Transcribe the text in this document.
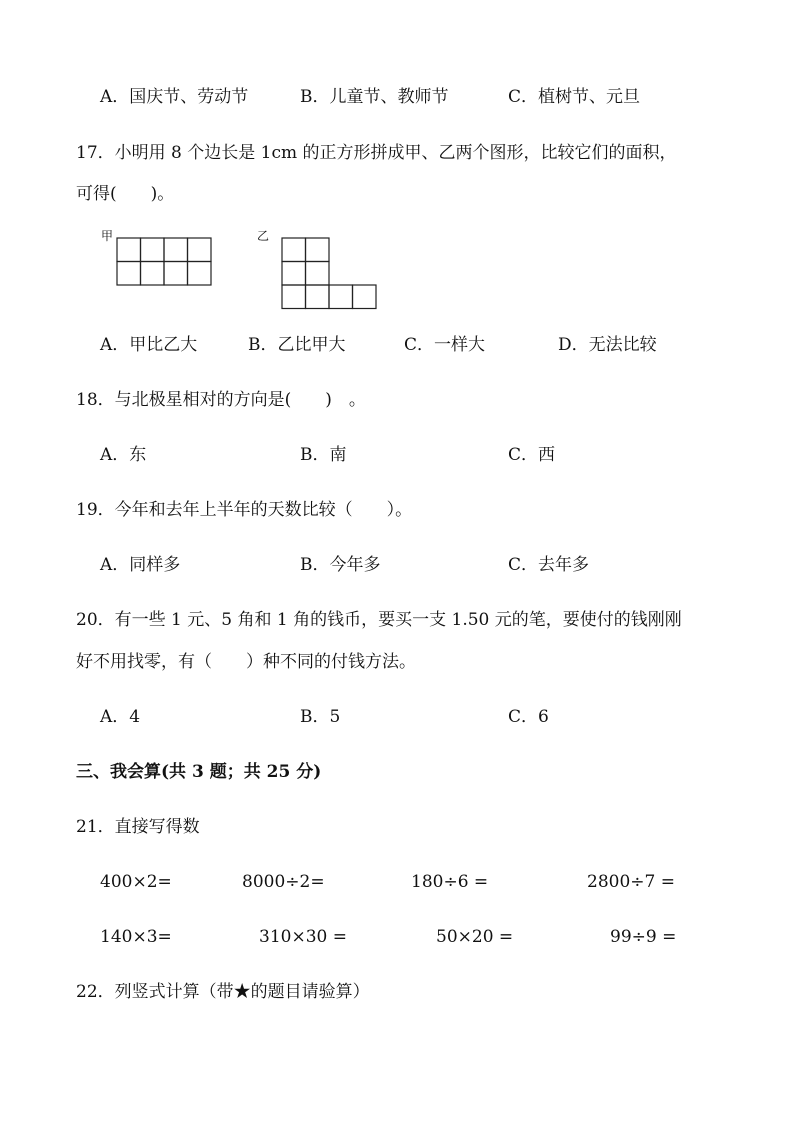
A．国庆节、劳动节	B．儿童节、教师节	C．植树节、元旦
17．小明用 8 个边长是 1cm 的正方形拼成甲、乙两个图形，比较它们的面积，
可得(　　)。
甲	乙
A．甲比乙大	B．乙比甲大	C．一样大	D．无法比较
18．与北极星相对的方向是(　　)　。
A．东	B．南	C．西
19．今年和去年上半年的天数比较（　　）。
A．同样多	B．今年多	C．去年多
20．有一些 1 元、5 角和 1 角的钱币，要买一支 1.50 元的笔，要使付的钱刚刚
好不用找零，有（　　）种不同的付钱方法。
A．4	B．5	C．6
三、我会算(共 3 题；共 25 分)
21．直接写得数
400×2=	8000÷2=	180÷6 =	2800÷7 =
140×3=	310×30 =	50×20 =	99÷9 =
22．列竖式计算（带★的题目请验算）
